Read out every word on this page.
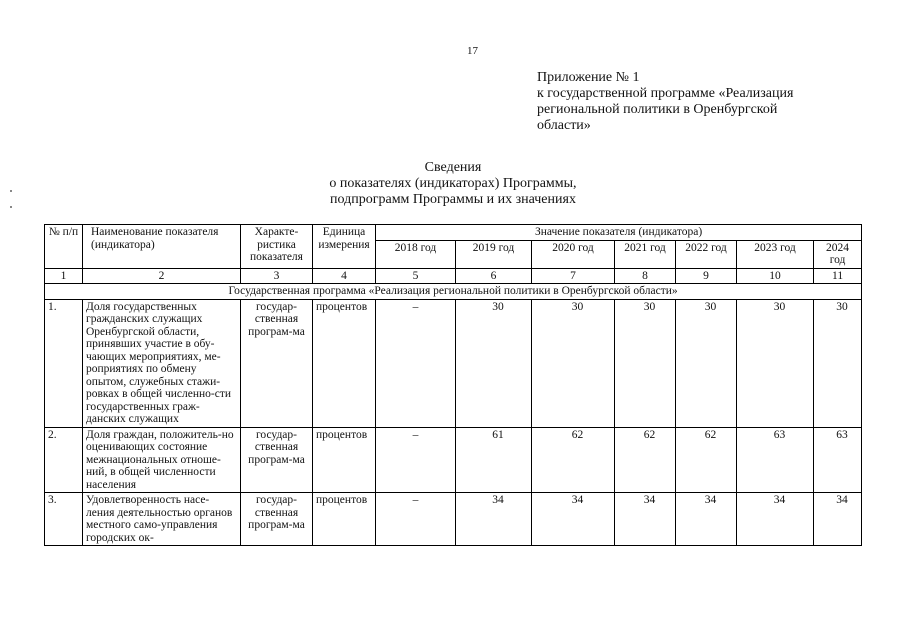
17
Приложение № 1
к государственной программе «Реализация
региональной политики в Оренбургской
области»
Сведения
о показателях (индикаторах) Программы,
подпрограмм Программы и их значениях
№ п/п	Наименование показателя (индикатора)	Характе-ристика показателя	Единица измерения	Значение показателя (индикатора)						
				2018 год	2019 год	2020 год	2021 год	2022 год	2023 год	2024 год
1	2	3	4	5	6	7	8	9	10	11
Государственная программа «Реализация региональной политики в Оренбургской области»										
1.	Доля государственных гражданских служащих Оренбургской области, принявших участие в обу-чающих мероприятиях, ме-роприятиях по обмену опытом, служебных стажи-ровках в общей численно-сти государственных граж-данских служащих	государ-ственная програм-ма	процентов	–	30	30	30	30	30	30
2.	Доля граждан, положитель-но оценивающих состояние межнациональных отноше-ний, в общей численности населения	государ-ственная програм-ма	процентов	–	61	62	62	62	63	63
3.	Удовлетворенность насе-ления деятельностью органов местного само-управления городских ок-	государ-ственная програм-ма	процентов	–	34	34	34	34	34	34
